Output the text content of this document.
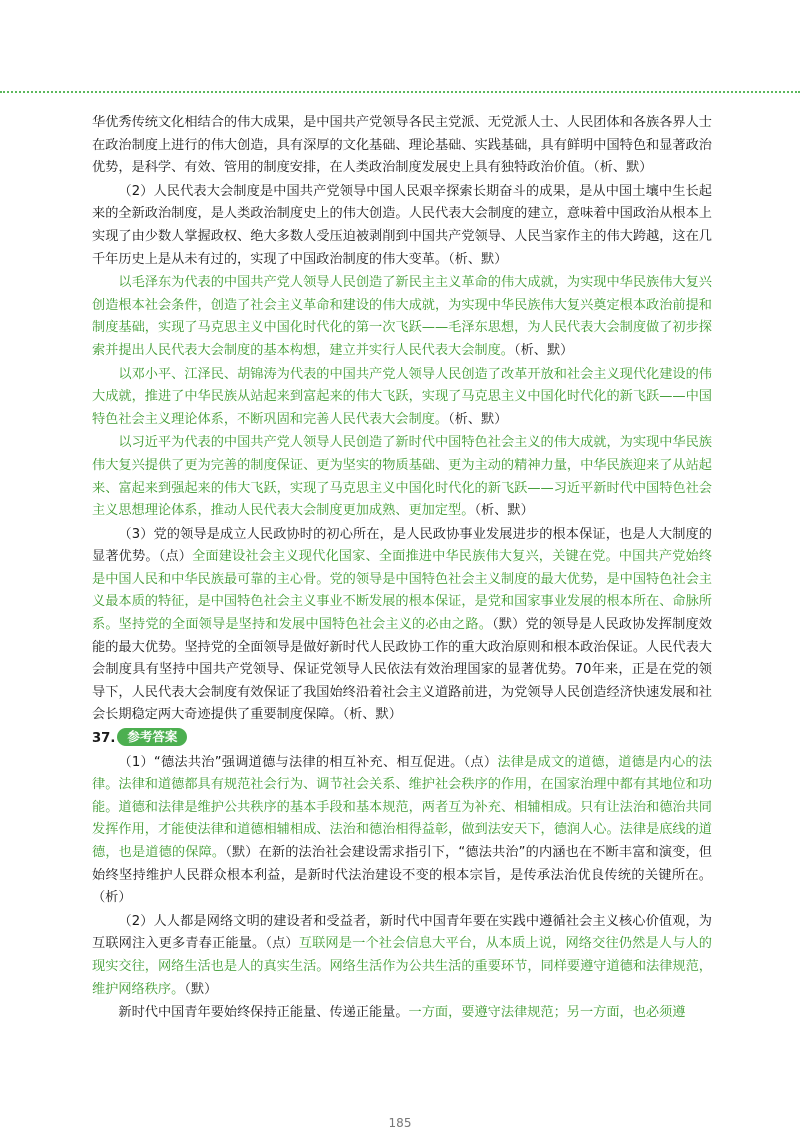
华优秀传统文化相结合的伟大成果，是中国共产党领导各民主党派、无党派人士、人民团体和各族各界人士在政治制度上进行的伟大创造，具有深厚的文化基础、理论基础、实践基础，具有鲜明中国特色和显著政治优势，是科学、有效、管用的制度安排，在人类政治制度发展史上具有独特政治价值。（析、默）

（2）人民代表大会制度是中国共产党领导中国人民艰辛探索长期奋斗的成果，是从中国土壤中生长起来的全新政治制度，是人类政治制度史上的伟大创造。人民代表大会制度的建立，意味着中国政治从根本上实现了由少数人掌握政权、绝大多数人受压迫被剥削到中国共产党领导、人民当家作主的伟大跨越，这在几千年历史上是从未有过的，实现了中国政治制度的伟大变革。（析、默）

以毛泽东为代表的中国共产党人领导人民创造了新民主主义革命的伟大成就，为实现中华民族伟大复兴创造根本社会条件，创造了社会主义革命和建设的伟大成就，为实现中华民族伟大复兴奠定根本政治前提和制度基础，实现了马克思主义中国化时代化的第一次飞跃——毛泽东思想，为人民代表大会制度做了初步探索并提出人民代表大会制度的基本构想，建立并实行人民代表大会制度。（析、默）

以邓小平、江泽民、胡锦涛为代表的中国共产党人领导人民创造了改革开放和社会主义现代化建设的伟大成就，推进了中华民族从站起来到富起来的伟大飞跃，实现了马克思主义中国化时代化的新飞跃——中国特色社会主义理论体系，不断巩固和完善人民代表大会制度。（析、默）

以习近平为代表的中国共产党人领导人民创造了新时代中国特色社会主义的伟大成就，为实现中华民族伟大复兴提供了更为完善的制度保证、更为坚实的物质基础、更为主动的精神力量，中华民族迎来了从站起来、富起来到强起来的伟大飞跃，实现了马克思主义中国化时代化的新飞跃——习近平新时代中国特色社会主义思想理论体系，推动人民代表大会制度更加成熟、更加定型。（析、默）

（3）党的领导是成立人民政协时的初心所在，是人民政协事业发展进步的根本保证，也是人大制度的显著优势。（点）全面建设社会主义现代化国家、全面推进中华民族伟大复兴，关键在党。中国共产党始终是中国人民和中华民族最可靠的主心骨。党的领导是中国特色社会主义制度的最大优势，是中国特色社会主义最本质的特征，是中国特色社会主义事业不断发展的根本保证，是党和国家事业发展的根本所在、命脉所系。坚持党的全面领导是坚持和发展中国特色社会主义的必由之路。（默）党的领导是人民政协发挥制度效能的最大优势。坚持党的全面领导是做好新时代人民政协工作的重大政治原则和根本政治保证。人民代表大会制度具有坚持中国共产党领导、保证党领导人民依法有效治理国家的显著优势。70年来，正是在党的领导下，人民代表大会制度有效保证了我国始终沿着社会主义道路前进，为党领导人民创造经济快速发展和社会长期稳定两大奇迹提供了重要制度保障。（析、默）

37. 参考答案

（1）“德法共治”强调道德与法律的相互补充、相互促进。（点）法律是成文的道德，道德是内心的法律。法律和道德都具有规范社会行为、调节社会关系、维护社会秩序的作用，在国家治理中都有其地位和功能。道德和法律是维护公共秩序的基本手段和基本规范，两者互为补充、相辅相成。只有让法治和德治共同发挥作用，才能使法律和道德相辅相成、法治和德治相得益彰，做到法安天下，德润人心。法律是底线的道德，也是道德的保障。（默）在新的法治社会建设需求指引下，“德法共治”的内涵也在不断丰富和演变，但始终坚持维护人民群众根本利益，是新时代法治建设不变的根本宗旨，是传承法治优良传统的关键所在。（析）

（2）人人都是网络文明的建设者和受益者，新时代中国青年要在实践中遵循社会主义核心价值观，为互联网注入更多青春正能量。（点）互联网是一个社会信息大平台，从本质上说，网络交往仍然是人与人的现实交往，网络生活也是人的真实生活。网络生活作为公共生活的重要环节，同样要遵守道德和法律规范，维护网络秩序。（默）

新时代中国青年要始终保持正能量、传递正能量。一方面，要遵守法律规范；另一方面，也必须遵

185
